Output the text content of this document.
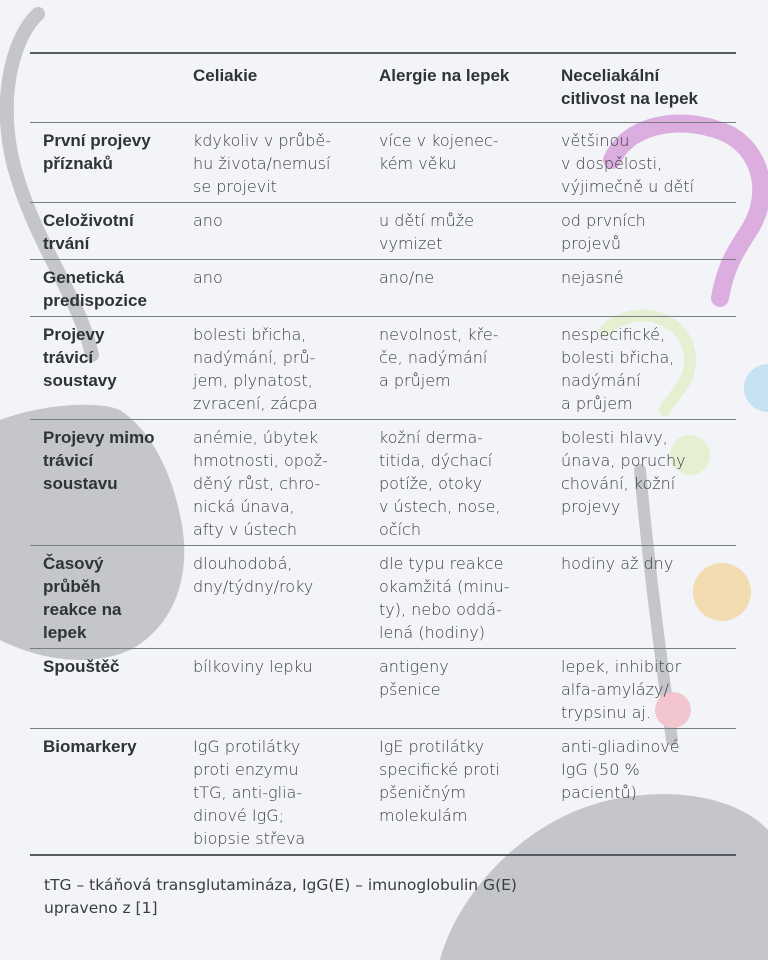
	Celiakie	Alergie na lepek	Neceliakální
citlivost na lepek

První projevy
příznaků	kdykoliv v průbě-
hu života/nemusí
se projevit	více v kojenec-
kém věku	většinou
v dospělosti,
výjimečně u dětí

Celoživotní
trvání	ano	u dětí může
vymizet	od prvních
projevů

Genetická
predispozice	ano	ano/ne	nejasné

Projevy
trávicí
soustavy	bolesti břicha,
nadýmání, prů-
jem, plynatost,
zvracení, zácpa	nevolnost, kře-
če, nadýmání
a průjem	nespecifické,
bolesti břicha,
nadýmání
a průjem

Projevy mimo
trávicí
soustavu	anémie, úbytek
hmotnosti, opož-
děný růst, chro-
nická únava,
afty v ústech	kožní derma-
titida, dýchací
potíže, otoky
v ústech, nose,
očích	bolesti hlavy,
únava, poruchy
chování, kožní
projevy

Časový
průběh
reakce na
lepek	dlouhodobá,
dny/týdny/roky	dle typu reakce
okamžitá (minu-
ty), nebo oddá-
lená (hodiny)	hodiny až dny

Spouštěč	bílkoviny lepku	antigeny
pšenice	lepek, inhibitor
alfa-amylázy/
trypsinu aj.

Biomarkery	IgG protilátky
proti enzymu
tTG, anti-glia-
dinové IgG;
biopsie střeva	IgE protilátky
specifické proti
pšeničným
molekulám	anti-gliadinové
IgG (50 %
pacientů)
tTG – tkáňová transglutamináza, IgG(E) – imunoglobulin G(E)
upraveno z [1]
